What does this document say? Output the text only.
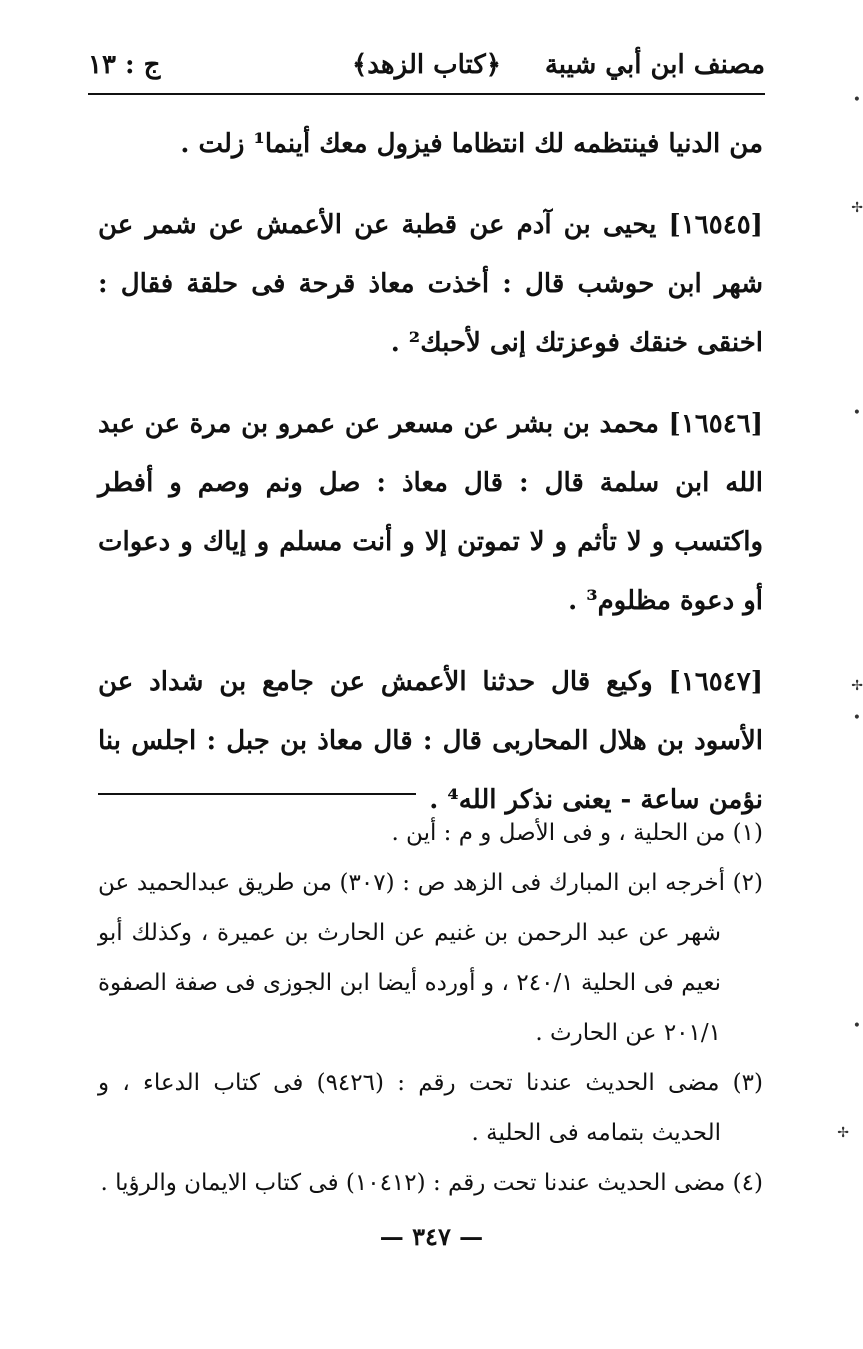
مصنف ابن أبي شيبة
﴿كتاب الزهد﴾
ج : ١٣

من الدنيا فينتظمه لك انتظاما فيزول معك أينما¹ زلت .

[١٦٥٤٥] يحيى بن آدم عن قطبة عن الأعمش عن شمر عن شهر ابن حوشب قال : أخذت معاذ قرحة فى حلقة فقال : اخنقى خنقك فوعزتك إنى لأحبك² .

[١٦٥٤٦] محمد بن بشر عن مسعر عن عمرو بن مرة عن عبد الله ابن سلمة قال : قال معاذ : صل ونم وصم و أفطر واكتسب و لا تأثم و لا تموتن إلا و أنت مسلم و إياك و دعوات أو دعوة مظلوم³ .

[١٦٥٤٧] وكيع قال حدثنا الأعمش عن جامع بن شداد عن الأسود بن هلال المحاربى قال : قال معاذ بن جبل : اجلس بنا نؤمن ساعة - يعنى نذكر الله⁴ .

(١) من الحلية ، و فى الأصل و م : أين .

(٢) أخرجه ابن المبارك فى الزهد ص : (٣٠٧) من طريق عبدالحميد عن شهر عن عبد الرحمن بن غنيم عن الحارث بن عميرة ، وكذلك أبو نعيم فى الحلية ٢٤٠/١ ، و أورده أيضا ابن الجوزى فى صفة الصفوة ٢٠١/١ عن الحارث .

(٣) مضى الحديث عندنا تحت رقم : (٩٤٢٦) فى كتاب الدعاء ، و الحديث بتمامه فى الحلية .

(٤) مضى الحديث عندنا تحت رقم : (١٠٤١٢) فى كتاب الايمان والرؤيا .

— ٣٤٧ —
•
✢
•
✢
•
•
✢
